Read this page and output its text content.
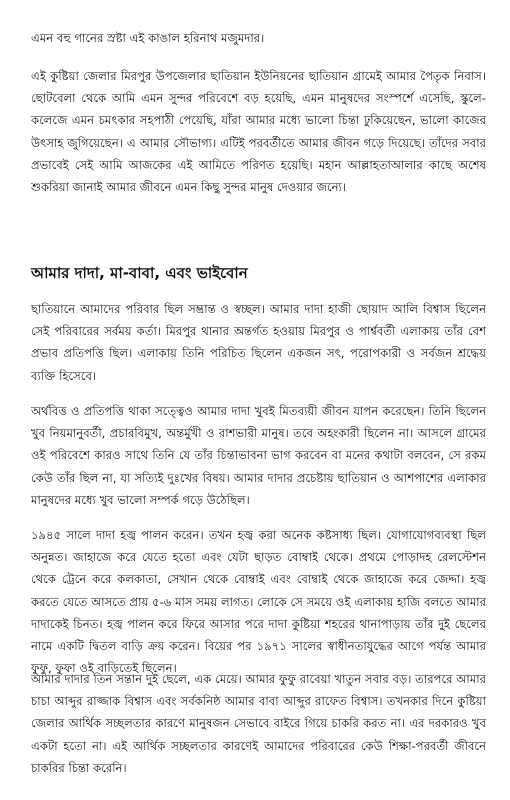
এমন বহু গানের স্রষ্টা এই কাঙাল হরিনাথ মজুমদার।

এই কুষ্টিয়া জেলার মিরপুর উপজেলার ছাতিয়ান ইউনিয়নের ছাতিয়ান গ্রামেই আমার পৈতৃক নিবাস। ছোটবেলা থেকে আমি এমন সুন্দর পরিবেশে বড় হয়েছি, এমন মানুষদের সংস্পর্শে এসেছি, স্কুলে-কলেজে এমন চমৎকার সহপাঠী পেয়েছি, যাঁরা আমার মধ্যে ভালো চিন্তা ঢুকিয়েছেন, ভালো কাজের উৎসাহ জুগিয়েছেন। এ আমার সৌভাগ্য। এটিই পরবর্তীতে আমার জীবন গড়ে দিয়েছে। তাঁদের সবার প্রভাবেই সেই আমি আজকের এই আমিতে পরিণত হয়েছি। মহান আল্লাহতাআলার কাছে অশেষ শুকরিয়া জানাই আমার জীবনে এমন কিছু সুন্দর মানুষ দেওয়ার জন্যে।

আমার দাদা, মা-বাবা, এবং ভাইবোন

ছাতিয়ানে আমাদের পরিবার ছিল সম্ভ্রান্ত ও স্বচ্ছল। আমার দাদা হাজী ছোয়াদ আলি বিশ্বাস ছিলেন সেই পরিবারের সর্বময় কর্তা। মিরপুর থানার অন্তর্গত হওয়ায় মিরপুর ও পার্শ্ববর্তী এলাকায় তাঁর বেশ প্রভাব প্রতিপত্তি ছিল। এলাকায় তিনি পরিচিত ছিলেন একজন সৎ, পরোপকারী ও সর্বজন শ্রদ্ধেয় ব্যক্তি হিসেবে।

অর্থবিত্ত ও প্রতিপত্তি থাকা সত্ত্বেও আমার দাদা খুবই মিতব্যয়ী জীবন যাপন করেছেন। তিনি ছিলেন খুব নিয়মানুবর্তী, প্রচারবিমুখ, অন্তর্মুখী ও রাশভারী মানুষ। তবে অহংকারী ছিলেন না। আসলে গ্রামের ওই পরিবেশে কারও সাথে তিনি যে তাঁর চিন্তাভাবনা ভাগ করবেন বা মনের কথাটা বলবেন, সে রকম কেউ তাঁর ছিল না, যা সত্যিই দুঃখের বিষয়। আমার দাদার প্রচেষ্টায় ছাতিয়ান ও আশপাশের এলাকার মানুষদের মধ্যে খুব ভালো সম্পর্ক গড়ে উঠেছিল।

১৯৪৫ সালে দাদা হজ্ব পালন করেন। তখন হজ্ব করা অনেক কষ্টসাধ্য ছিল। যোগাযোগব্যবস্থা ছিল অনুন্নত। জাহাজে করে যেতে হতো এবং যেটা ছাড়ত বোম্বাই থেকে। প্রথমে পোড়াদহ রেলস্টেশন থেকে ট্রেনে করে কলকাতা, সেখান থেকে বোম্বাই এবং বোম্বাই থেকে জাহাজে করে জেদ্দা। হজ্ব করতে যেতে আসতে প্রায় ৫-৬ মাস সময় লাগত। লোকে সে সময়ে ওই এলাকায় হাজি বলতে আমার দাদাকেই চিনত। হজ্ব পালন করে ফিরে আসার পরে দাদা কুষ্টিয়া শহরের থানাপাড়ায় তাঁর দুই ছেলের নামে একটি দ্বিতল বাড়ি ক্রয় করেন। বিয়ের পর ১৯৭১ সালের স্বাধীনতাযুদ্ধের আগে পর্যন্ত আমার ফুফু, ফুফা ওই বাড়িতেই ছিলেন।

আমার দাদার তিন সন্তান দুই ছেলে, এক মেয়ে। আমার ফুফু রাবেয়া খাতুন সবার বড়। তারপরে আমার চাচা আব্দুর রাজ্জাক বিশ্বাস এবং সর্বকনিষ্ঠ আমার বাবা আব্দুর রাফেত বিশ্বাস। তখনকার দিনে কুষ্টিয়া জেলার আর্থিক সচ্ছলতার কারণে মানুষজন সেভাবে বাইরে গিয়ে চাকরি করত না। এর দরকারও খুব একটা হতো না। এই আর্থিক সচ্ছলতার কারণেই আমাদের পরিবারের কেউ শিক্ষা-পরবর্তী জীবনে চাকরির চিন্তা করেনি।
